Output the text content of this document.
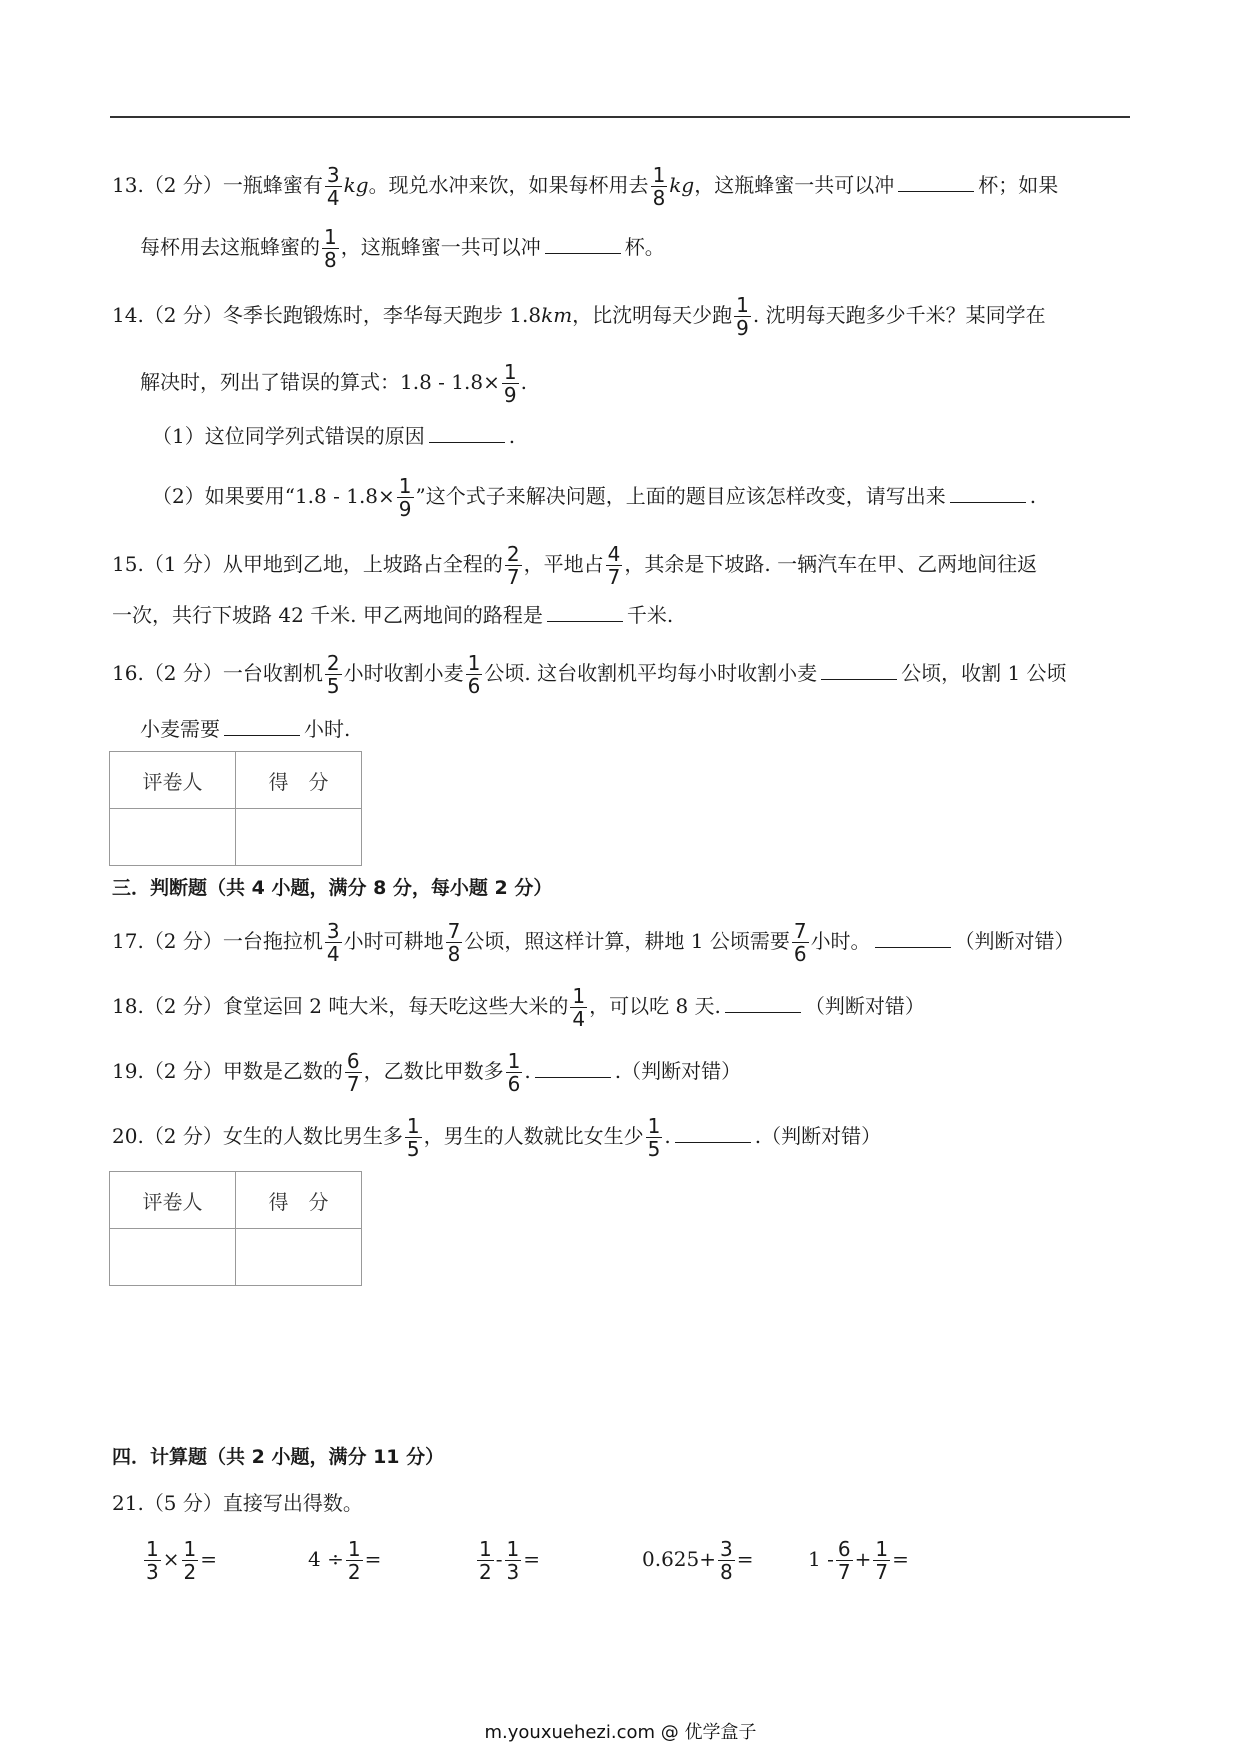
13.（2 分）一瓶蜂蜜有 $\frac{3}{4}$ kg。现兑水冲来饮，如果每杯用去 $\frac{1}{8}$ kg，这瓶蜂蜜一共可以冲	杯；如果
每杯用去这瓶蜂蜜的 $\frac{1}{8}$ ，这瓶蜂蜜一共可以冲	杯。
14.（2 分）冬季长跑锻炼时，李华每天跑步 1.8km，比沈明每天少跑 $\frac{1}{9}$ . 沈明每天跑多少千米？某同学在
解决时，列出了错误的算式：$1.8 - 1.8\times \frac{1}{9}$ .
（1）这位同学列式错误的原因	.
（2）如果要用“$1.8 - 1.8\times \frac{1}{9}$ ”这个式子来解决问题，上面的题目应该怎样改变，请写出来	.
15.（1 分）从甲地到乙地，上坡路占全程的 $\frac{2}{7}$ ，平地占 $\frac{4}{7}$ ，其余是下坡路. 一辆汽车在甲、乙两地间往返
一次，共行下坡路 42 千米. 甲乙两地间的路程是	千米.
16.（2 分）一台收割机 $\frac{2}{5}$ 小时收割小麦 $\frac{1}{6}$ 公顷. 这台收割机平均每小时收割小麦	公顷，收割 1 公顷
小麦需要	小时.
评卷人	得　分

三．判断题（共 4 小题，满分 8 分，每小题 2 分）
17.（2 分）一台拖拉机 $\frac{3}{4}$ 小时可耕地 $\frac{7}{8}$ 公顷，照这样计算，耕地 1 公顷需要 $\frac{7}{6}$ 小时。	（判断对错）
18.（2 分）食堂运回 2 吨大米，每天吃这些大米的 $\frac{1}{4}$ ，可以吃 8 天.	（判断对错）
19.（2 分）甲数是乙数的 $\frac{6}{7}$ ，乙数比甲数多 $\frac{1}{6}$ .	.（判断对错）
20.（2 分）女生的人数比男生多 $\frac{1}{5}$ ，男生的人数就比女生少 $\frac{1}{5}$ .	.（判断对错）
评卷人	得　分

四．计算题（共 2 小题，满分 11 分）
21.（5 分）直接写出得数。
$\frac{1}{3} \times \frac{1}{2}$ =	$4 \div \frac{1}{2}$ =	$\frac{1}{2} - \frac{1}{3}$ =	$0.625+ \frac{3}{8}$ =	$1 - \frac{6}{7} + \frac{1}{7}$ =
m.youxuehezi.com @ 优学盒子
